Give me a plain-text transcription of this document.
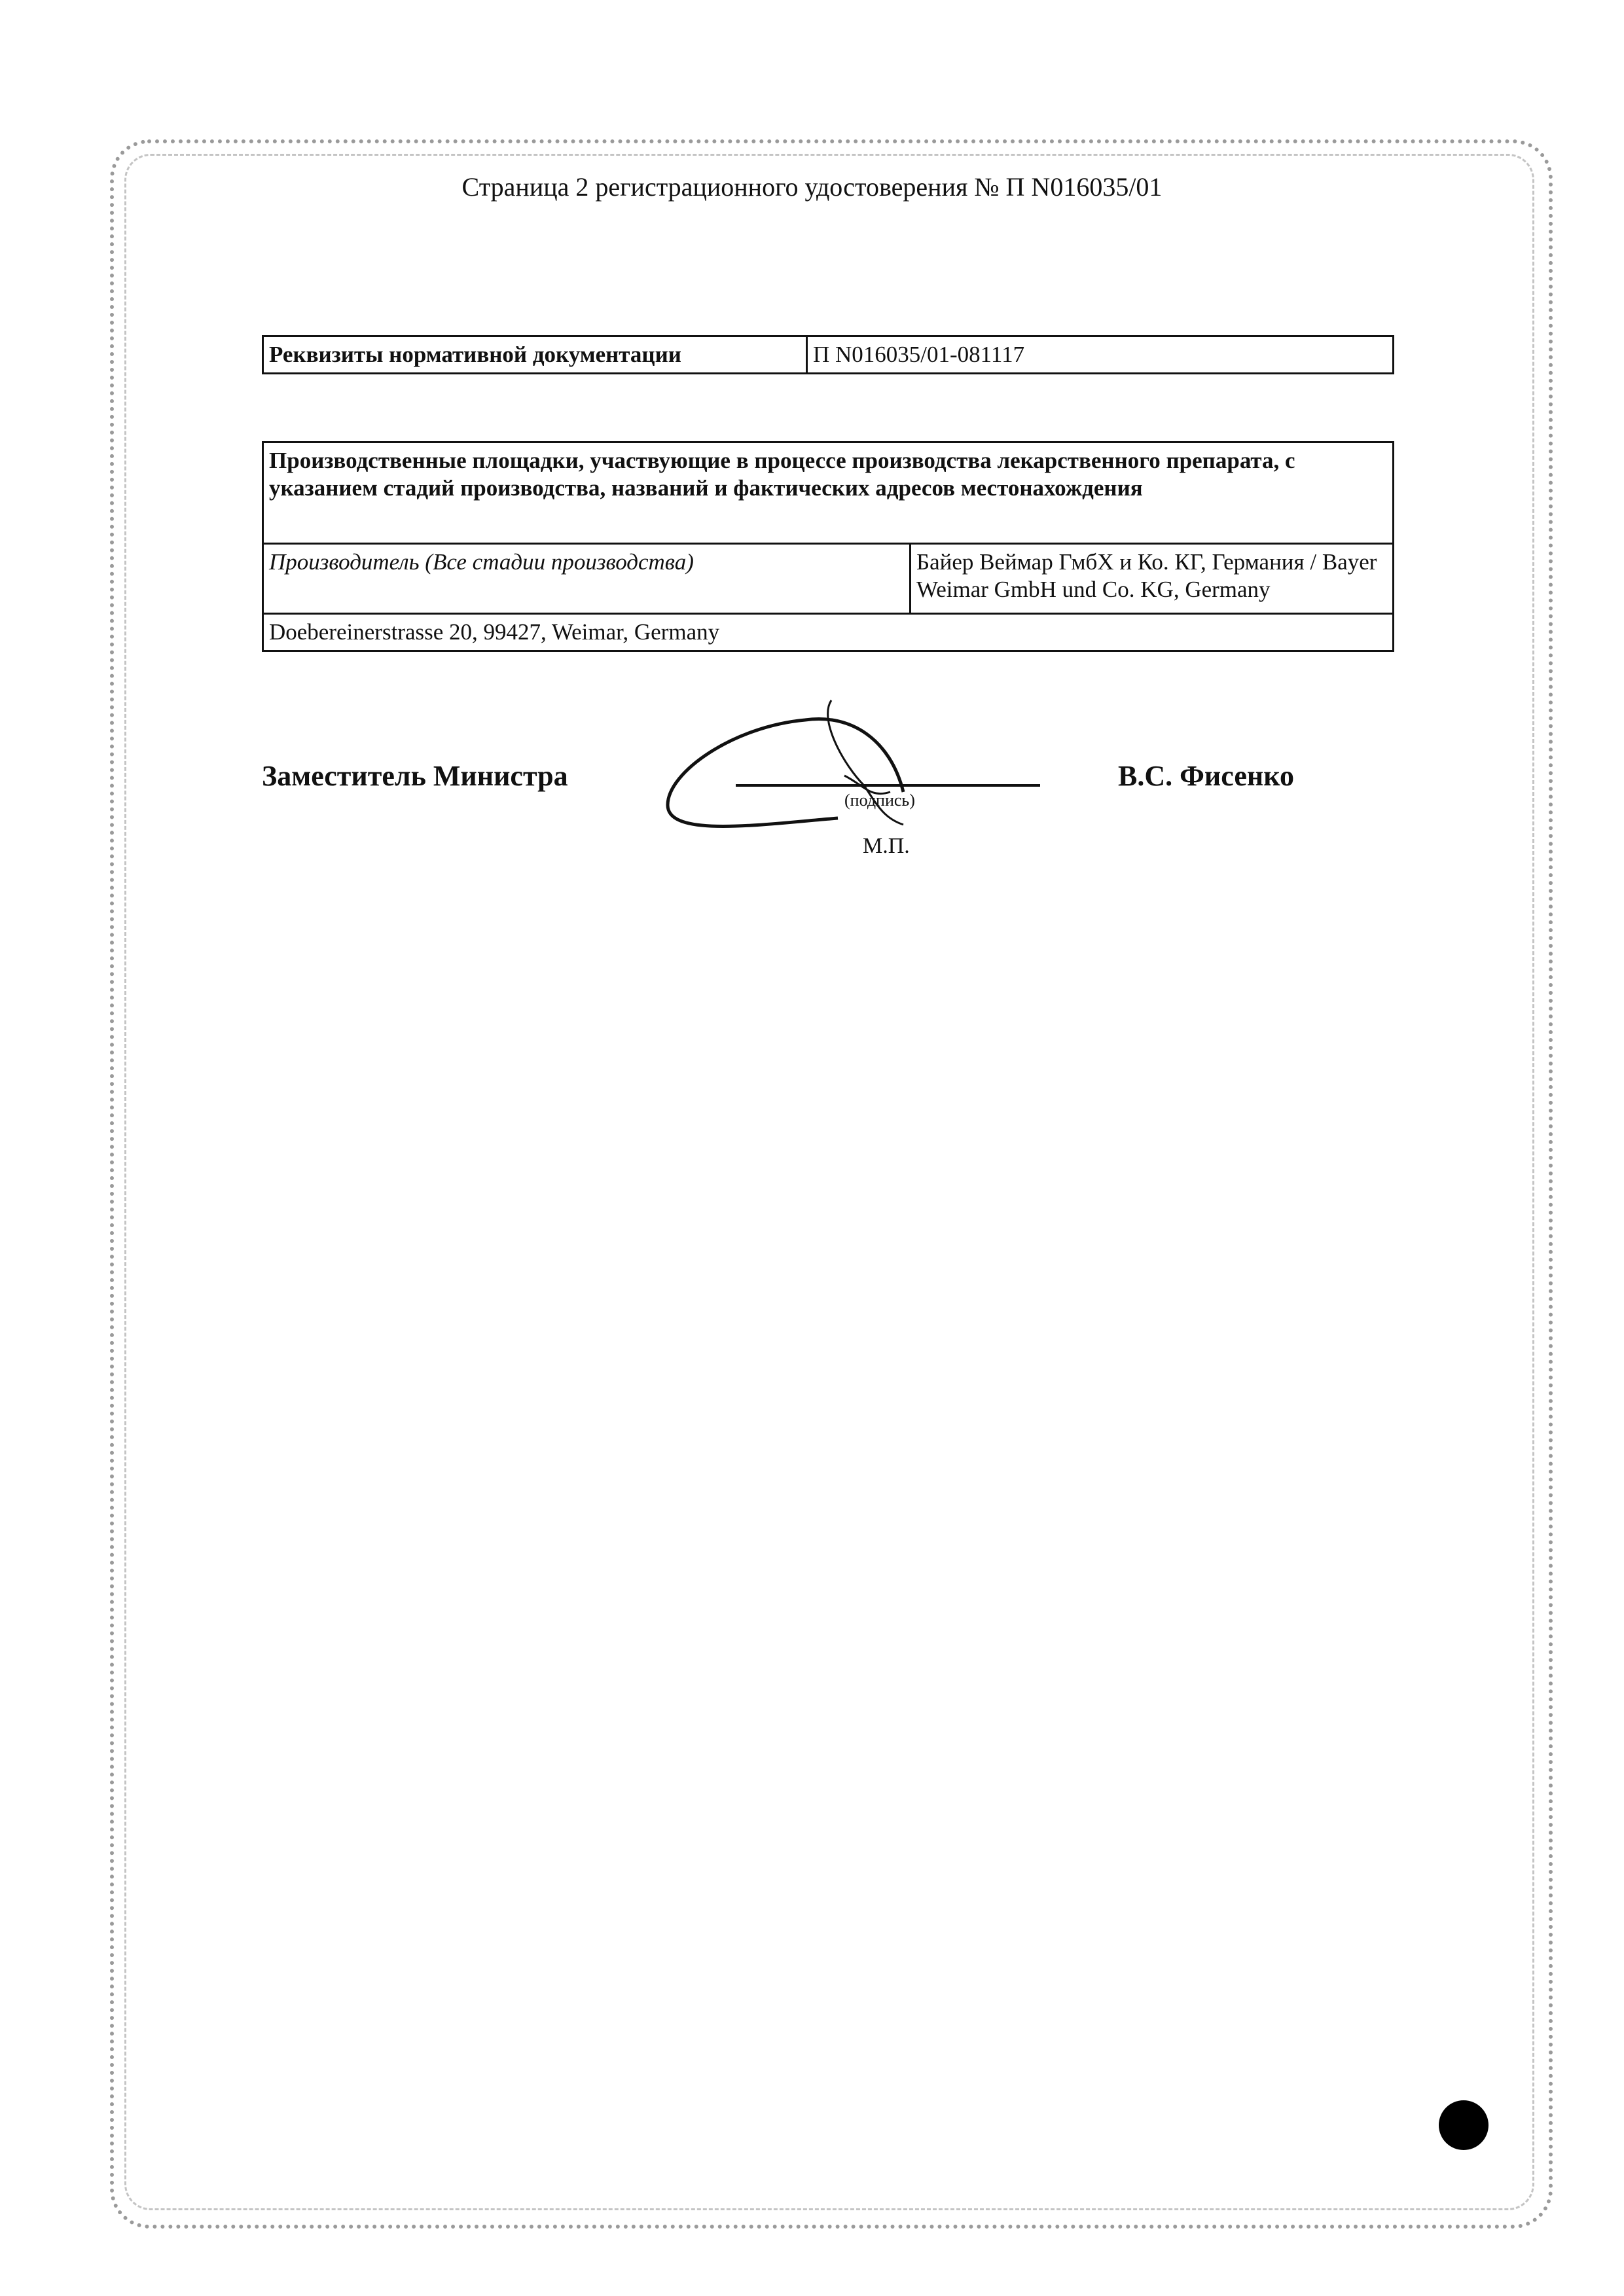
Страница 2 регистрационного удостоверения № П N016035/01
Реквизиты нормативной документации	П N016035/01-081117
Производственные площадки, участвующие в процессе производства лекарственного препарата, с указанием стадий производства, названий и фактических адресов местонахождения
Производитель (Все стадии производства)	Байер Веймар ГмбХ и Ко. КГ, Германия / Bayer Weimar GmbH und Co. KG, Germany
Doebereinerstrasse 20, 99427, Weimar, Germany
Заместитель Министра
(подпись)
В.С. Фисенко
М.П.
